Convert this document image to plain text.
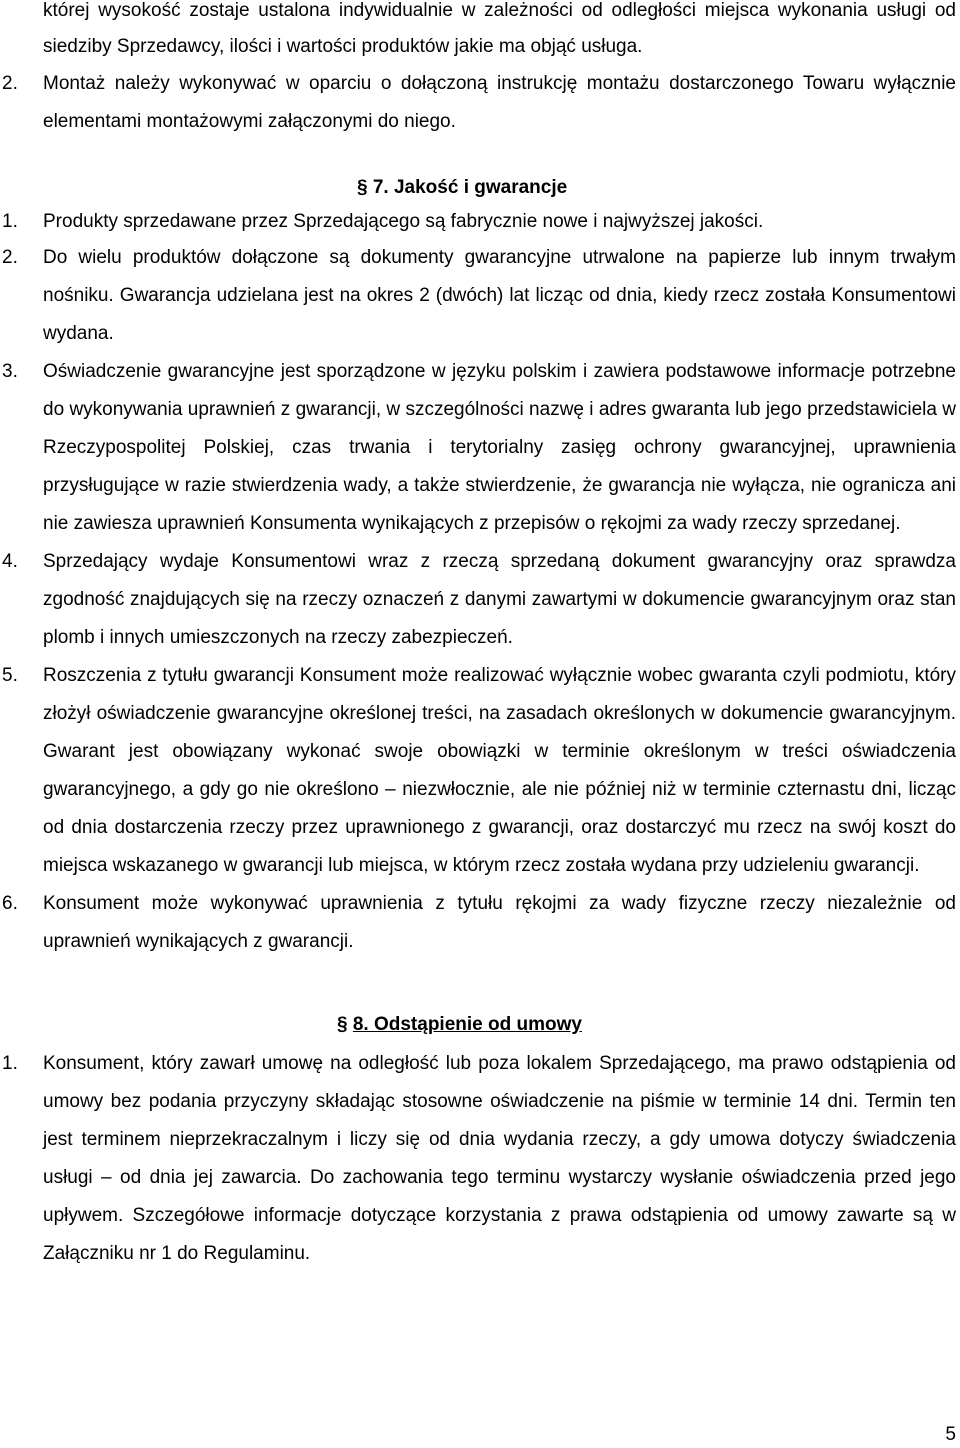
której wysokość zostaje ustalona indywidualnie w zależności od odległości miejsca wykonania usługi od siedziby Sprzedawcy, ilości i wartości produktów jakie ma objąć usługa.
2. Montaż należy wykonywać w oparciu o dołączoną instrukcję montażu dostarczonego Towaru wyłącznie elementami montażowymi załączonymi do niego.
§ 7. Jakość i gwarancje
1. Produkty sprzedawane przez Sprzedającego są fabrycznie nowe i najwyższej jakości.
2. Do wielu produktów dołączone są dokumenty gwarancyjne utrwalone na papierze lub innym trwałym nośniku. Gwarancja udzielana jest na okres 2 (dwóch) lat licząc od dnia, kiedy rzecz została Konsumentowi wydana.
3. Oświadczenie gwarancyjne jest sporządzone w języku polskim i zawiera podstawowe informacje potrzebne do wykonywania uprawnień z gwarancji, w szczególności nazwę i adres gwaranta lub jego przedstawiciela w Rzeczypospolitej Polskiej, czas trwania i terytorialny zasięg ochrony gwarancyjnej, uprawnienia przysługujące w razie stwierdzenia wady, a także stwierdzenie, że gwarancja nie wyłącza, nie ogranicza ani nie zawiesza uprawnień Konsumenta wynikających z przepisów o rękojmi za wady rzeczy sprzedanej.
4. Sprzedający wydaje Konsumentowi wraz z rzeczą sprzedaną dokument gwarancyjny oraz sprawdza zgodność znajdujących się na rzeczy oznaczeń z danymi zawartymi w dokumencie gwarancyjnym oraz stan plomb i innych umieszczonych na rzeczy zabezpieczeń.
5. Roszczenia z tytułu gwarancji Konsument może realizować wyłącznie wobec gwaranta czyli podmiotu, który złożył oświadczenie gwarancyjne określonej treści, na zasadach określonych w dokumencie gwarancyjnym. Gwarant jest obowiązany wykonać swoje obowiązki w terminie określonym w treści oświadczenia gwarancyjnego, a gdy go nie określono – niezwłocznie, ale nie później niż w terminie czternastu dni, licząc od dnia dostarczenia rzeczy przez uprawnionego z gwarancji, oraz dostarczyć mu rzecz na swój koszt do miejsca wskazanego w gwarancji lub miejsca, w którym rzecz została wydana przy udzieleniu gwarancji.
6. Konsument może wykonywać uprawnienia z tytułu rękojmi za wady fizyczne rzeczy niezależnie od uprawnień wynikających z gwarancji.
§ 8. Odstąpienie od umowy
1. Konsument, który zawarł umowę na odległość lub poza lokalem Sprzedającego, ma prawo odstąpienia od umowy bez podania przyczyny składając stosowne oświadczenie na piśmie w terminie 14 dni. Termin ten jest terminem nieprzekraczalnym i liczy się od dnia wydania rzeczy, a gdy umowa dotyczy świadczenia usługi – od dnia jej zawarcia. Do zachowania tego terminu wystarczy wysłanie oświadczenia przed jego upływem. Szczegółowe informacje dotyczące korzystania z prawa odstąpienia od umowy zawarte są w Załączniku nr 1 do Regulaminu.
5
